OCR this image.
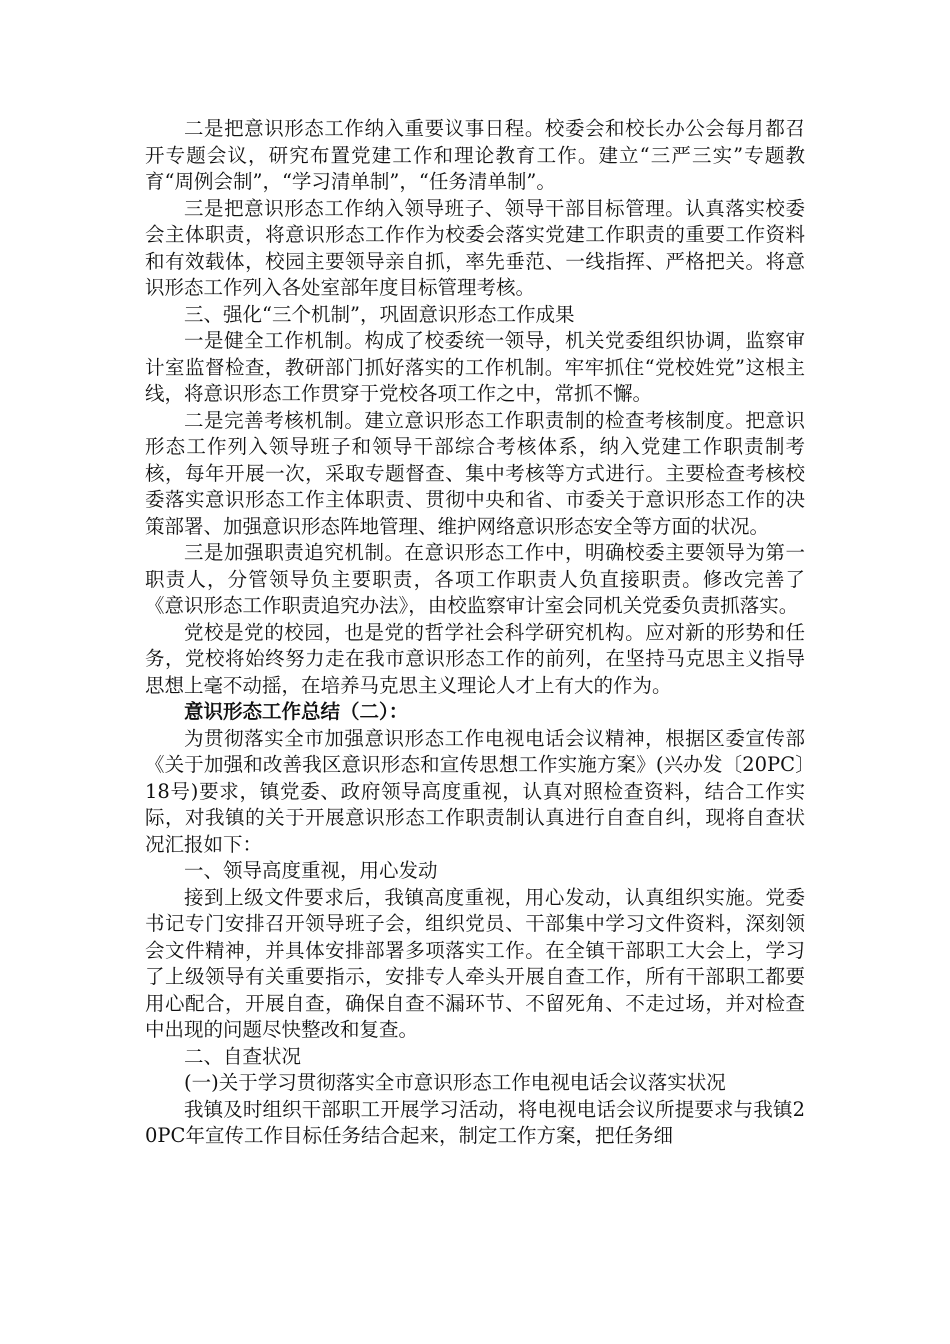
二是把意识形态工作纳入重要议事日程。校委会和校长办公会每月都召开专题会议，研究布置党建工作和理论教育工作。建立“三严三实”专题教育“周例会制”，“学习清单制”，“任务清单制”。

三是把意识形态工作纳入领导班子、领导干部目标管理。认真落实校委会主体职责，将意识形态工作作为校委会落实党建工作职责的重要工作资料和有效载体，校园主要领导亲自抓，率先垂范、一线指挥、严格把关。将意识形态工作列入各处室部年度目标管理考核。

三、强化“三个机制”，巩固意识形态工作成果

一是健全工作机制。构成了校委统一领导，机关党委组织协调，监察审计室监督检查，教研部门抓好落实的工作机制。牢牢抓住“党校姓党”这根主线，将意识形态工作贯穿于党校各项工作之中，常抓不懈。

二是完善考核机制。建立意识形态工作职责制的检查考核制度。把意识形态工作列入领导班子和领导干部综合考核体系，纳入党建工作职责制考核，每年开展一次，采取专题督查、集中考核等方式进行。主要检查考核校委落实意识形态工作主体职责、贯彻中央和省、市委关于意识形态工作的决策部署、加强意识形态阵地管理、维护网络意识形态安全等方面的状况。

三是加强职责追究机制。在意识形态工作中，明确校委主要领导为第一职责人，分管领导负主要职责，各项工作职责人负直接职责。修改完善了《意识形态工作职责追究办法》，由校监察审计室会同机关党委负责抓落实。

党校是党的校园，也是党的哲学社会科学研究机构。应对新的形势和任务，党校将始终努力走在我市意识形态工作的前列，在坚持马克思主义指导思想上毫不动摇，在培养马克思主义理论人才上有大的作为。

意识形态工作总结（二）：

为贯彻落实全市加强意识形态工作电视电话会议精神，根据区委宣传部《关于加强和改善我区意识形态和宣传思想工作实施方案》(兴办发〔20PC〕18号)要求，镇党委、政府领导高度重视，认真对照检查资料，结合工作实际，对我镇的关于开展意识形态工作职责制认真进行自查自纠，现将自查状况汇报如下：

一、领导高度重视，用心发动

接到上级文件要求后，我镇高度重视，用心发动，认真组织实施。党委书记专门安排召开领导班子会，组织党员、干部集中学习文件资料，深刻领会文件精神，并具体安排部署多项落实工作。在全镇干部职工大会上，学习了上级领导有关重要指示，安排专人牵头开展自查工作，所有干部职工都要用心配合，开展自查，确保自查不漏环节、不留死角、不走过场，并对检查中出现的问题尽快整改和复查。

二、自查状况

(一)关于学习贯彻落实全市意识形态工作电视电话会议落实状况

我镇及时组织干部职工开展学习活动，将电视电话会议所提要求与我镇20PC年宣传工作目标任务结合起来，制定工作方案，把任务细
